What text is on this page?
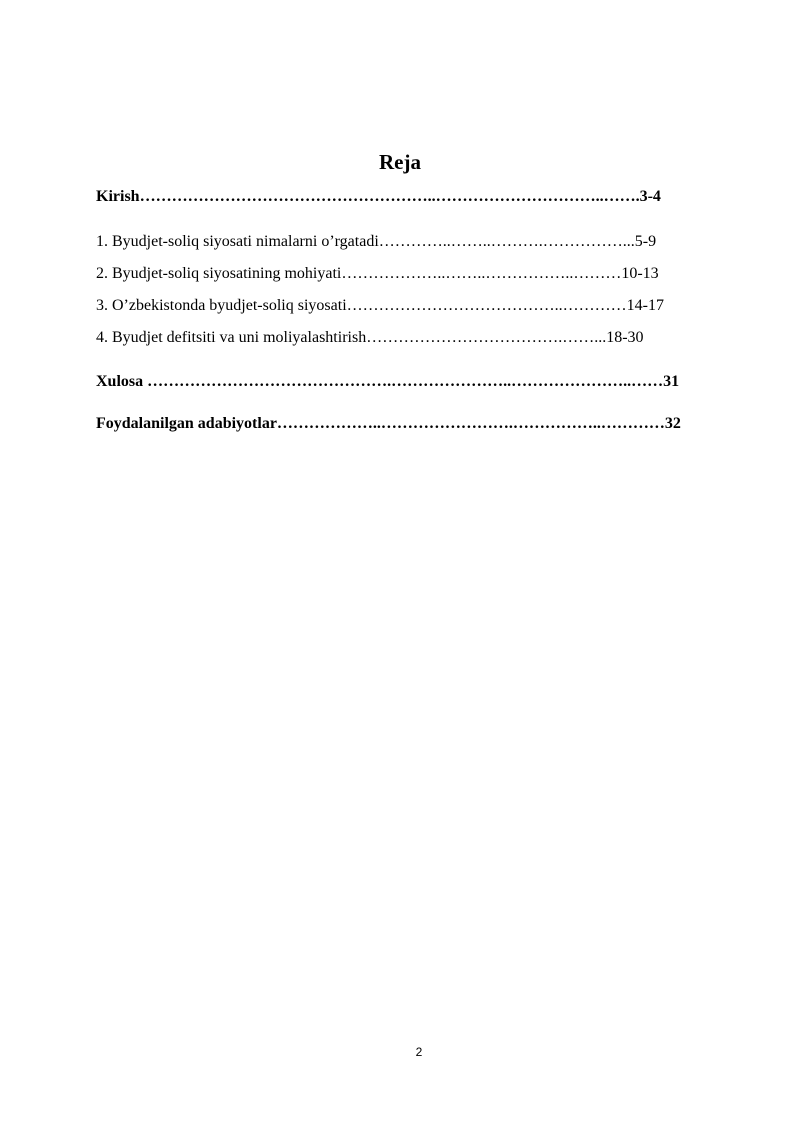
Reja
Kirish………………………………………………..…………………………..…….3-4
1. Byudjet-soliq siyosati nimalarni o’rgatadi…………..……..……….……………...5-9
2. Byudjet-soliq siyosatining mohiyati………………..……..……………..………10-13
3. O’zbekistonda byudjet-soliq siyosati…………………………………..…………14-17
4. Byudjet defitsiti va uni moliyalashtirish……………………………….……...18-30
Xulosa ……………………………………….…………………..…………………..……31
Foydalanilgan adabiyotlar………………..…………………….……………..…………32
2
